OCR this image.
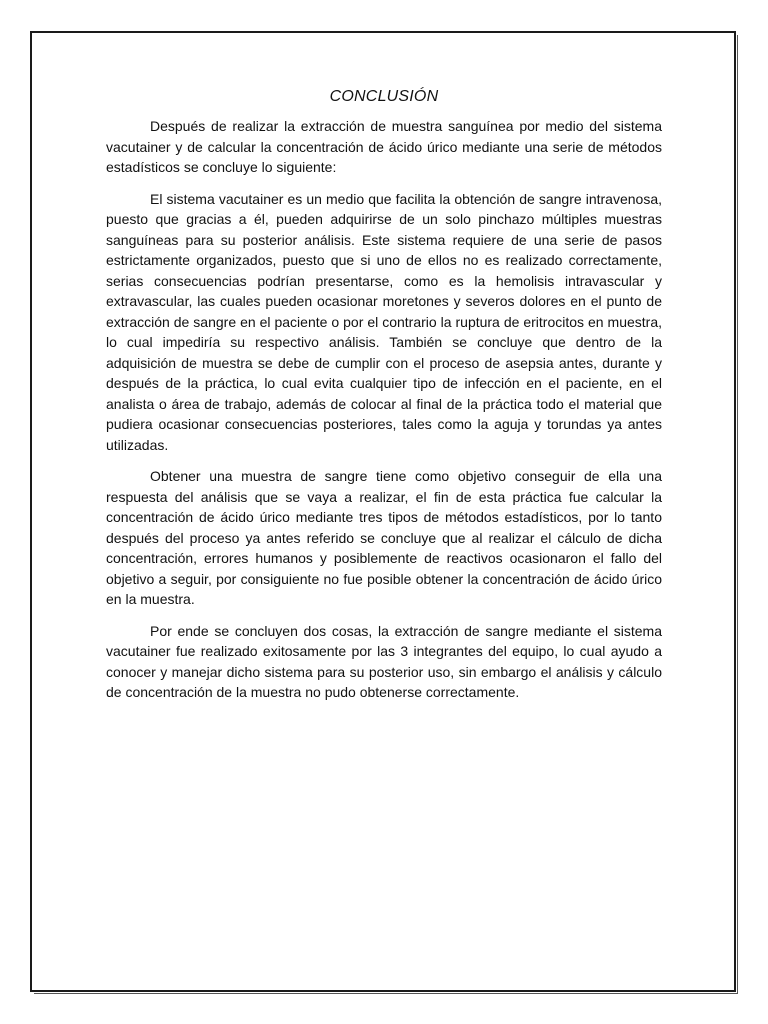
CONCLUSIÓN

Después de realizar la extracción de muestra sanguínea por medio del sistema vacutainer y de calcular la concentración de ácido úrico mediante una serie de métodos estadísticos se concluye lo siguiente:

El sistema vacutainer es un medio que facilita la obtención de sangre intravenosa, puesto que gracias a él, pueden adquirirse de un solo pinchazo múltiples muestras sanguíneas para su posterior análisis. Este sistema requiere de una serie de pasos estrictamente organizados, puesto que si uno de ellos no es realizado correctamente, serias consecuencias podrían presentarse, como es la hemolisis intravascular y extravascular, las cuales pueden ocasionar moretones y severos dolores en el punto de extracción de sangre en el paciente o por el contrario la ruptura de eritrocitos en muestra, lo cual impediría su respectivo análisis. También se concluye que dentro de la adquisición de muestra se debe de cumplir con el proceso de asepsia antes, durante y después de la práctica, lo cual evita cualquier tipo de infección en el paciente, en el analista o área de trabajo, además de colocar al final de la práctica todo el material que pudiera ocasionar consecuencias posteriores, tales como la aguja y torundas ya antes utilizadas.

Obtener una muestra de sangre tiene como objetivo conseguir de ella una respuesta del análisis que se vaya a realizar, el fin de esta práctica fue calcular la concentración de ácido úrico mediante tres tipos de métodos estadísticos, por lo tanto después del proceso ya antes referido se concluye que al realizar el cálculo de dicha concentración, errores humanos y posiblemente de reactivos ocasionaron el fallo del objetivo a seguir, por consiguiente no fue posible obtener la concentración de ácido úrico en la muestra.

Por ende se concluyen dos cosas, la extracción de sangre mediante el sistema vacutainer fue realizado exitosamente por las 3 integrantes del equipo, lo cual ayudo a conocer y manejar dicho sistema para su posterior uso, sin embargo el análisis y cálculo de concentración de la muestra no pudo obtenerse correctamente.
